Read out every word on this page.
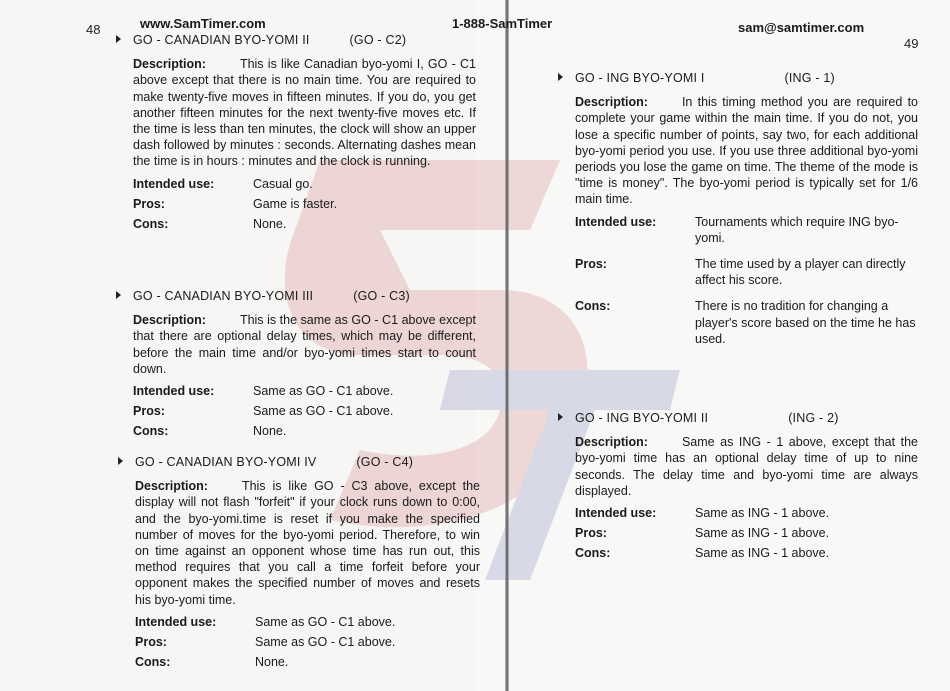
48	www.SamTimer.com	1-888-SamTimer	sam@samtimer.com
49
GO - CANADIAN BYO-YOMI II	(GO - C2)
Description:	This is like Canadian byo-yomi I, GO - C1 above except that there is no main time. You are required to make twenty-five moves in fifteen minutes. If you do, you get another fifteen minutes for the next twenty-five moves etc. If the time is less than ten minutes, the clock will show an upper dash followed by minutes : seconds. Alternating dashes mean the time is in hours : minutes and the clock is running.
Intended use:	Casual go.
Pros:	Game is faster.
Cons:	None.
GO - CANADIAN BYO-YOMI III	(GO - C3)
Description:	This is the same as GO - C1 above except that there are optional delay times, which may be different, before the main time and/or byo-yomi times start to count down.
Intended use:	Same as GO - C1 above.
Pros:	Same as GO - C1 above.
Cons:	None.
GO - CANADIAN BYO-YOMI IV	(GO - C4)
Description:	This is like GO - C3 above, except the display will not flash "forfeit" if your clock runs down to 0:00, and the byo-yomi.time is reset if you make the specified number of moves for the byo-yomi period. Therefore, to win on time against an opponent whose time has run out, this method requires that you call a time forfeit before your opponent makes the specified number of moves and resets his byo-yomi time.
Intended use:	Same as GO - C1 above.
Pros:	Same as GO - C1 above.
Cons:	None.
GO - ING BYO-YOMI I	(ING - 1)
Description:	In this timing method you are required to complete your game within the main time. If you do not, you lose a specific number of points, say two, for each additional byo-yomi period you use. If you use three additional byo-yomi periods you lose the game on time. The theme of the mode is "time is money". The byo-yomi period is typically set for 1/6 main time.
Intended use:	Tournaments which require ING byo-yomi.
Pros:	The time used by a player can directly affect his score.
Cons:	There is no tradition for changing a player's score based on the time he has used.
GO - ING BYO-YOMI II	(ING - 2)
Description:	Same as ING - 1 above, except that the byo-yomi time has an optional delay time of up to nine seconds. The delay time and byo-yomi time are always displayed.
Intended use:	Same as ING - 1 above.
Pros:	Same as ING - 1 above.
Cons:	Same as ING - 1 above.
